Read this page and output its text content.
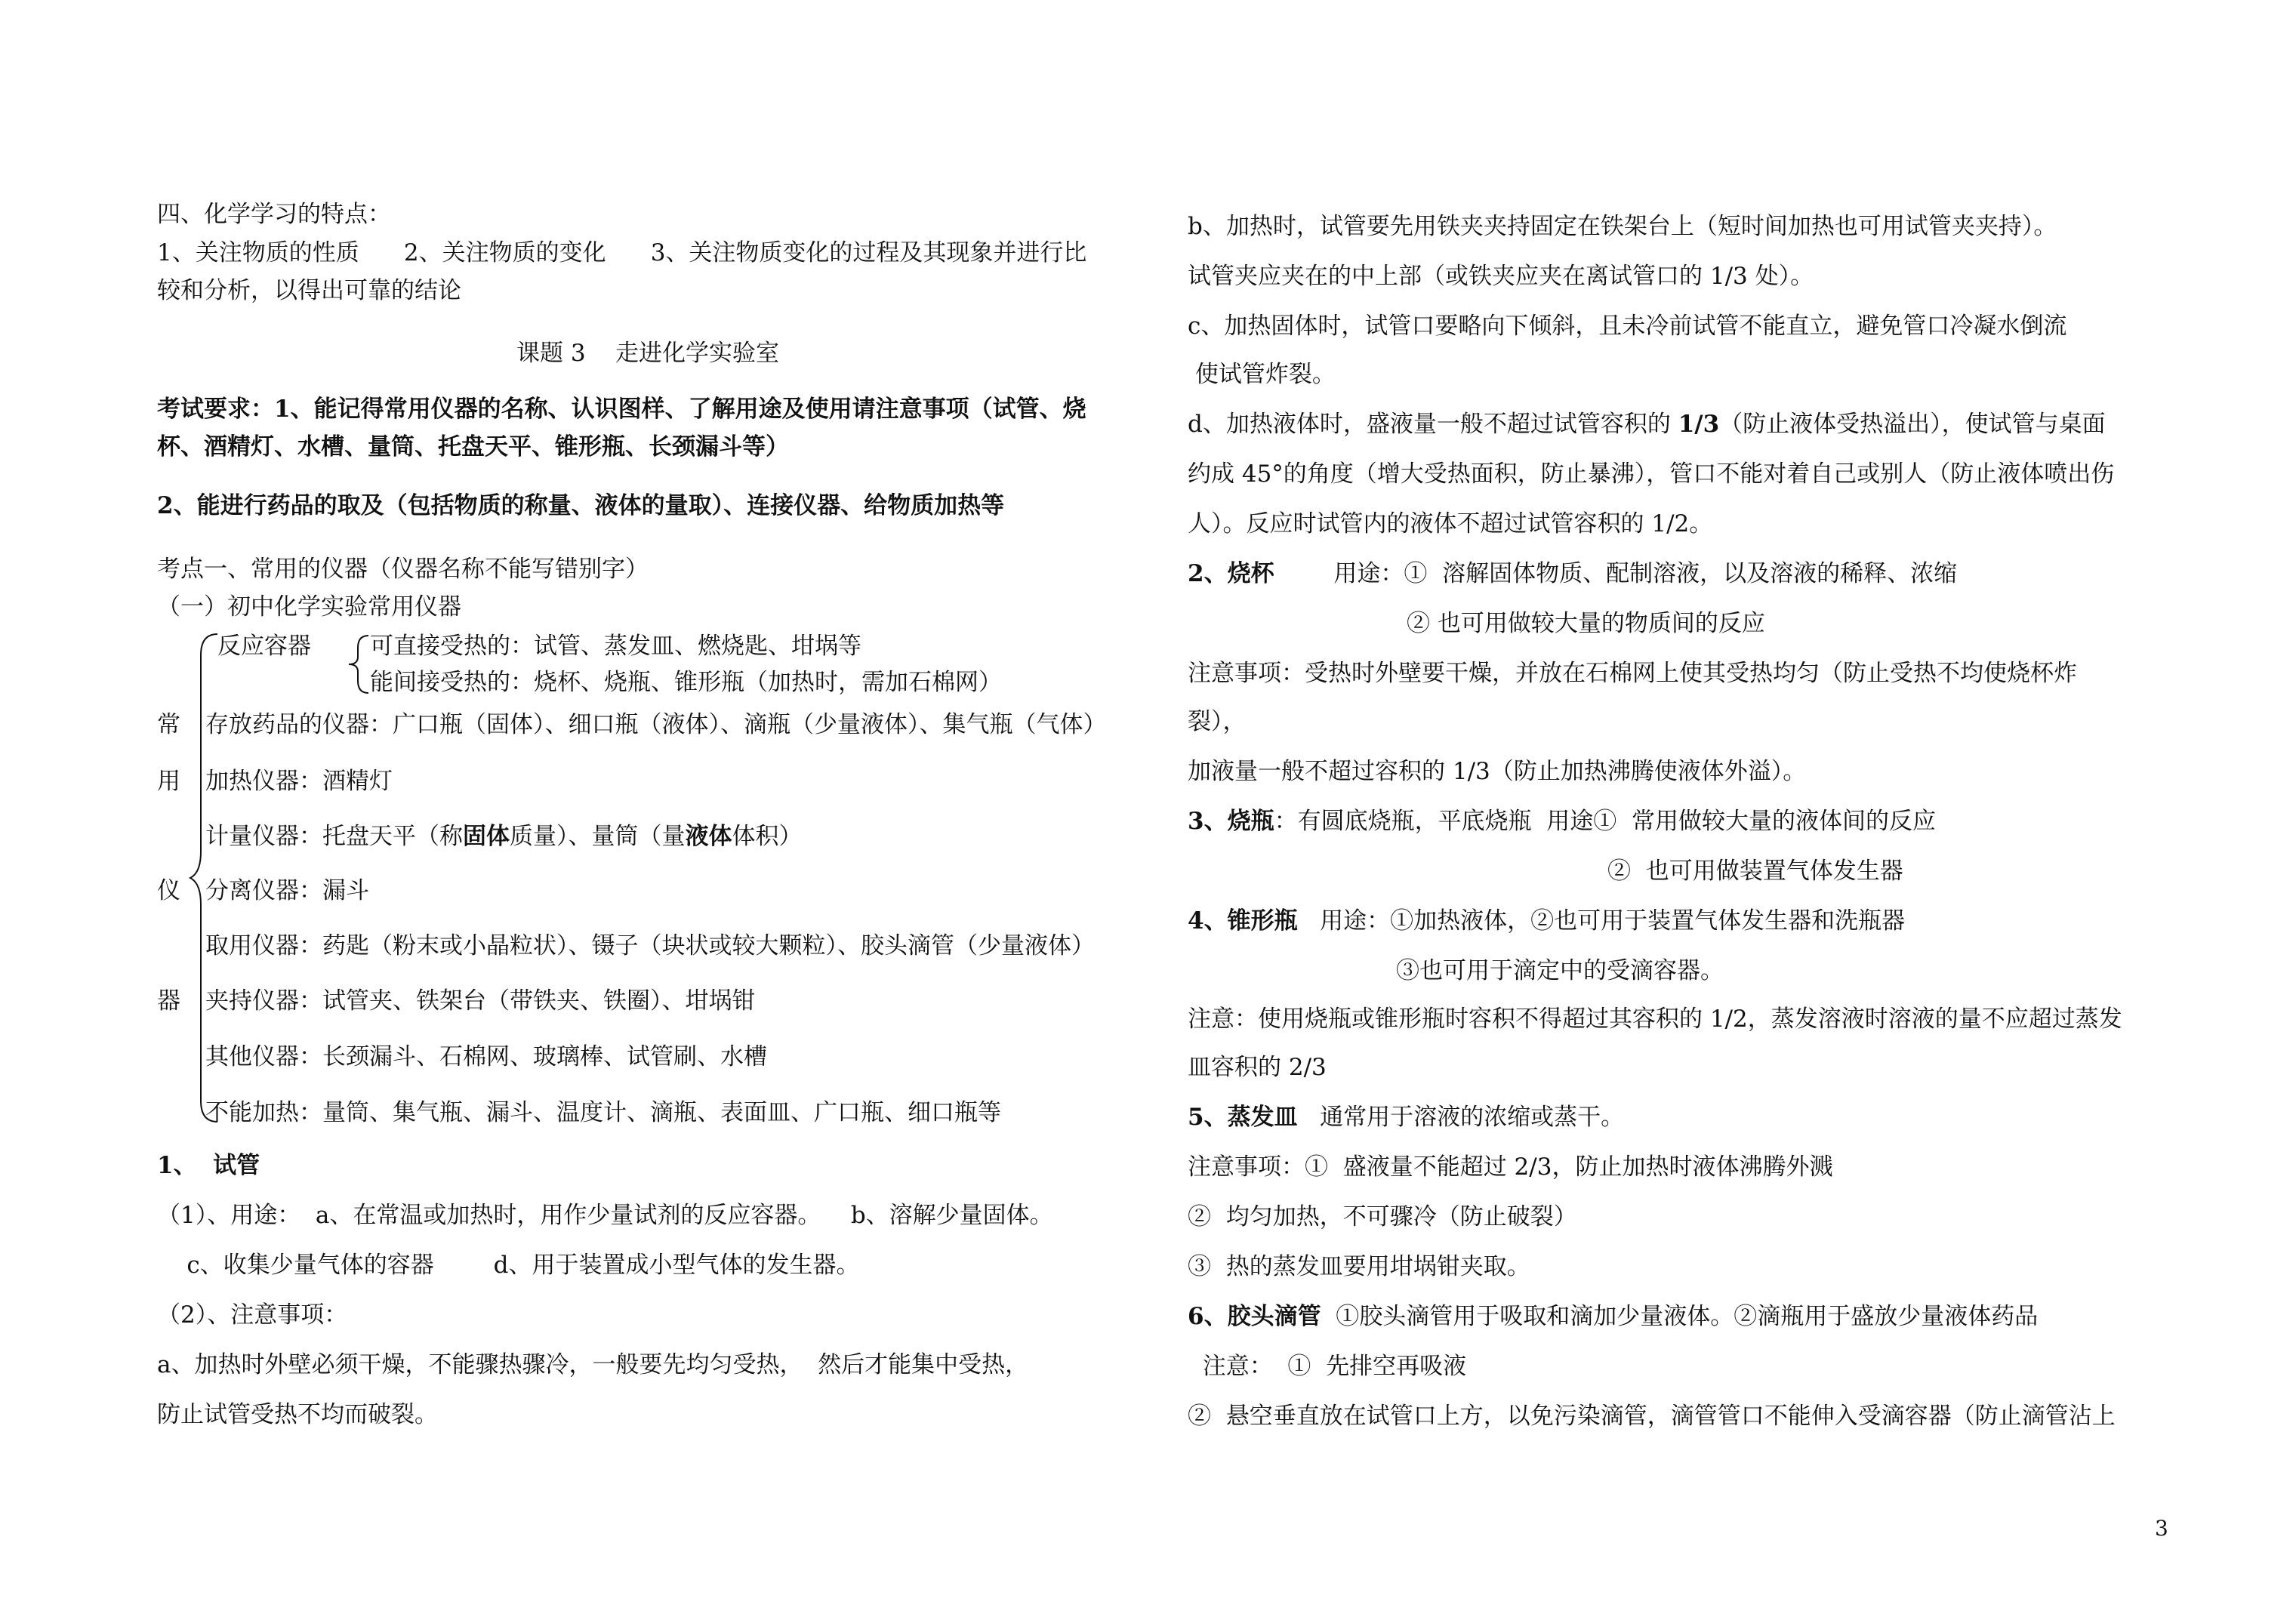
四、化学学习的特点：
1、关注物质的性质      2、关注物质的变化      3、关注物质变化的过程及其现象并进行比
较和分析，以得出可靠的结论
课题 3    走进化学实验室
考试要求：1、能记得常用仪器的名称、认识图样、了解用途及使用请注意事项（试管、烧
杯、酒精灯、水槽、量筒、托盘天平、锥形瓶、长颈漏斗等）
2、能进行药品的取及（包括物质的称量、液体的量取）、连接仪器、给物质加热等
考点一、常用的仪器（仪器名称不能写错别字）
（一）初中化学实验常用仪器
常
用
仪
器
反应容器	可直接受热的：试管、蒸发皿、燃烧匙、坩埚等
能间接受热的：烧杯、烧瓶、锥形瓶（加热时，需加石棉网）
存放药品的仪器：广口瓶（固体）、细口瓶（液体）、滴瓶（少量液体）、集气瓶（气体）
加热仪器：酒精灯
计量仪器：托盘天平（称固体质量）、量筒（量液体体积）
分离仪器：漏斗
取用仪器：药匙（粉末或小晶粒状）、镊子（块状或较大颗粒）、胶头滴管（少量液体）
夹持仪器：试管夹、铁架台（带铁夹、铁圈）、坩埚钳
其他仪器：长颈漏斗、石棉网、玻璃棒、试管刷、水槽
不能加热：量筒、集气瓶、漏斗、温度计、滴瓶、表面皿、广口瓶、细口瓶等
1、  试管
（1）、用途：  a、在常温或加热时，用作少量试剂的反应容器。    b、溶解少量固体。
c、收集少量气体的容器        d、用于装置成小型气体的发生器。
（2）、注意事项：
a、加热时外壁必须干燥，不能骤热骤冷，一般要先均匀受热，  然后才能集中受热，
防止试管受热不均而破裂。
b、加热时，试管要先用铁夹夹持固定在铁架台上（短时间加热也可用试管夹夹持）。
试管夹应夹在的中上部（或铁夹应夹在离试管口的 1/3 处）。
c、加热固体时，试管口要略向下倾斜，且未冷前试管不能直立，避免管口冷凝水倒流
使试管炸裂。
d、加热液体时，盛液量一般不超过试管容积的 1/3（防止液体受热溢出），使试管与桌面
约成 45°的角度（增大受热面积，防止暴沸），管口不能对着自己或别人（防止液体喷出伤
人）。反应时试管内的液体不超过试管容积的 1/2。
2、烧杯        用途：①  溶解固体物质、配制溶液，以及溶液的稀释、浓缩
② 也可用做较大量的物质间的反应
注意事项：受热时外壁要干燥，并放在石棉网上使其受热均匀（防止受热不均使烧杯炸
裂），
加液量一般不超过容积的 1/3（防止加热沸腾使液体外溢）。
3、烧瓶：有圆底烧瓶，平底烧瓶  用途①  常用做较大量的液体间的反应
②  也可用做装置气体发生器
4、锥形瓶   用途：①加热液体，②也可用于装置气体发生器和洗瓶器
③也可用于滴定中的受滴容器。
注意：使用烧瓶或锥形瓶时容积不得超过其容积的 1/2，蒸发溶液时溶液的量不应超过蒸发
皿容积的 2/3
5、蒸发皿   通常用于溶液的浓缩或蒸干。
注意事项：①  盛液量不能超过 2/3，防止加热时液体沸腾外溅
②  均匀加热，不可骤冷（防止破裂）
③  热的蒸发皿要用坩埚钳夹取。
6、胶头滴管  ①胶头滴管用于吸取和滴加少量液体。②滴瓶用于盛放少量液体药品
注意：  ①  先排空再吸液
②  悬空垂直放在试管口上方，以免污染滴管，滴管管口不能伸入受滴容器（防止滴管沾上
3
